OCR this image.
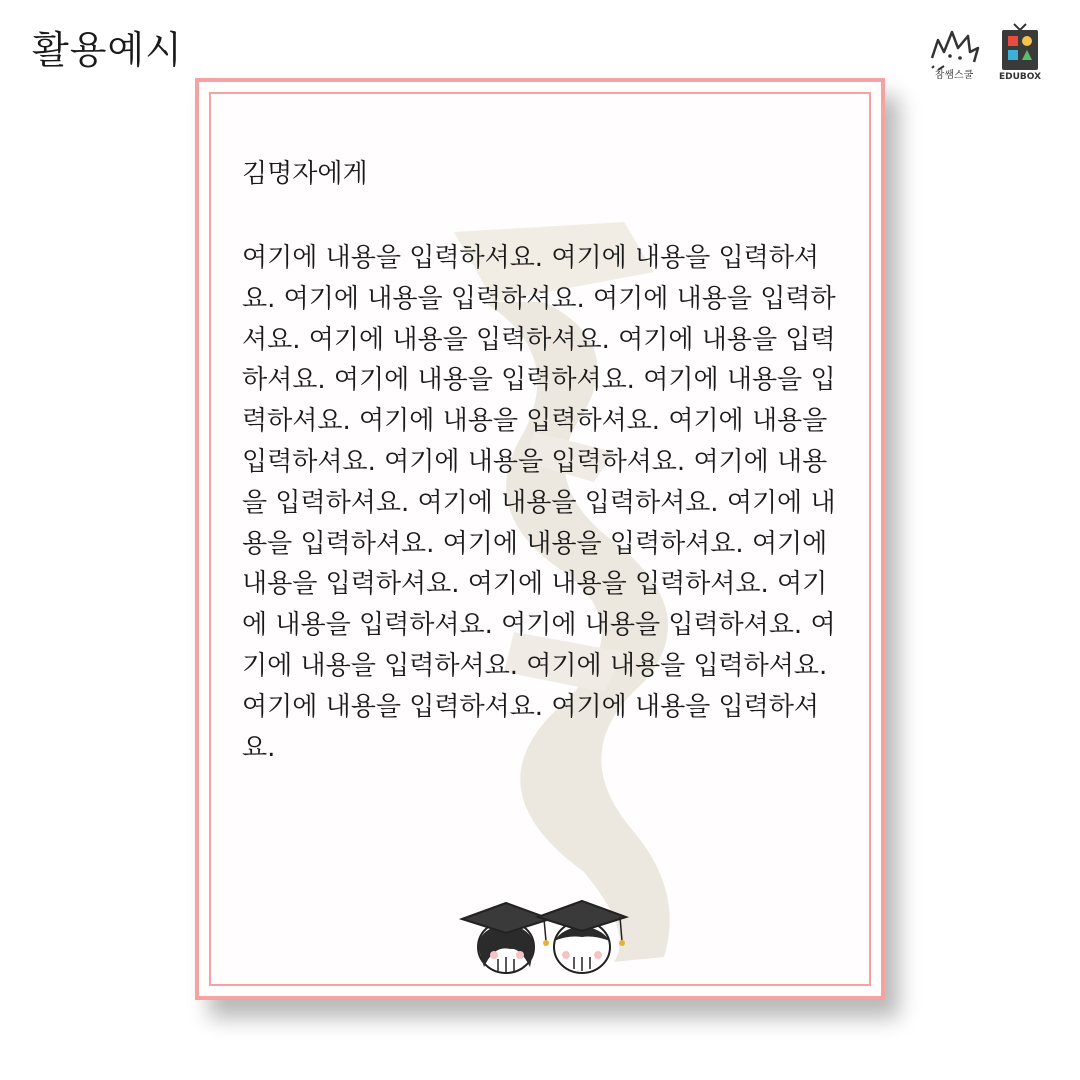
활용예시
참쌤스쿨	EDUBOX
김명자에게
여기에 내용을 입력하셔요. 여기에 내용을 입력하셔요. 여기에 내용을 입력하셔요. 여기에 내용을 입력하셔요. 여기에 내용을 입력하셔요. 여기에 내용을 입력하셔요. 여기에 내용을 입력하셔요. 여기에 내용을 입력하셔요. 여기에 내용을 입력하셔요. 여기에 내용을 입력하셔요. 여기에 내용을 입력하셔요. 여기에 내용을 입력하셔요. 여기에 내용을 입력하셔요. 여기에 내용을 입력하셔요. 여기에 내용을 입력하셔요. 여기에 내용을 입력하셔요. 여기에 내용을 입력하셔요. 여기에 내용을 입력하셔요. 여기에 내용을 입력하셔요. 여기에 내용을 입력하셔요. 여기에 내용을 입력하셔요. 여기에 내용을 입력하셔요. 여기에 내용을 입력하셔요.
